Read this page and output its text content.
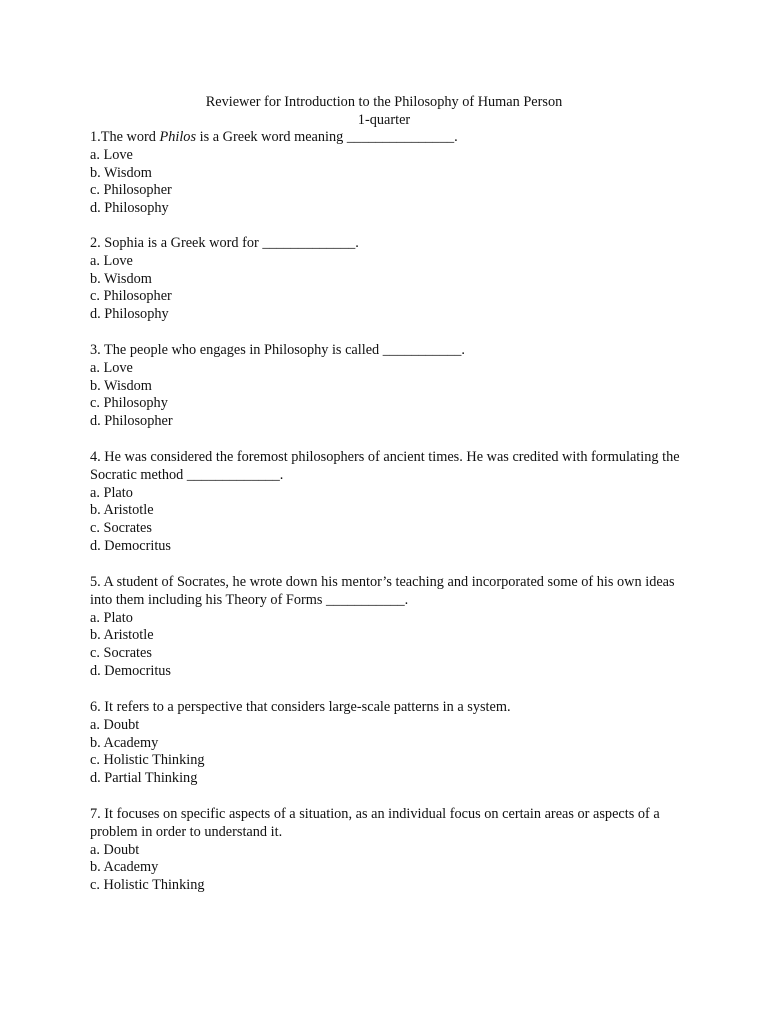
Reviewer for Introduction to the Philosophy of Human Person
1-quarter
1.The word Philos is a Greek word meaning _______________.
a. Love
b. Wisdom
c. Philosopher
d. Philosophy
2. Sophia is a Greek word for _____________.
a. Love
b. Wisdom
c. Philosopher
d. Philosophy
3. The people who engages in Philosophy is called ___________.
a. Love
b. Wisdom
c. Philosophy
d. Philosopher
4. He was considered the foremost philosophers of ancient times. He was credited with formulating the Socratic method _____________.
a. Plato
b. Aristotle
c. Socrates
d. Democritus
5. A student of Socrates, he wrote down his mentor’s teaching and incorporated some of his own ideas into them including his Theory of Forms ___________.
a. Plato
b. Aristotle
c. Socrates
d. Democritus
6. It refers to a perspective that considers large-scale patterns in a system.
a. Doubt
b. Academy
c. Holistic Thinking
d. Partial Thinking
7. It focuses on specific aspects of a situation, as an individual focus on certain areas or aspects of a problem in order to understand it.
a. Doubt
b. Academy
c. Holistic Thinking
